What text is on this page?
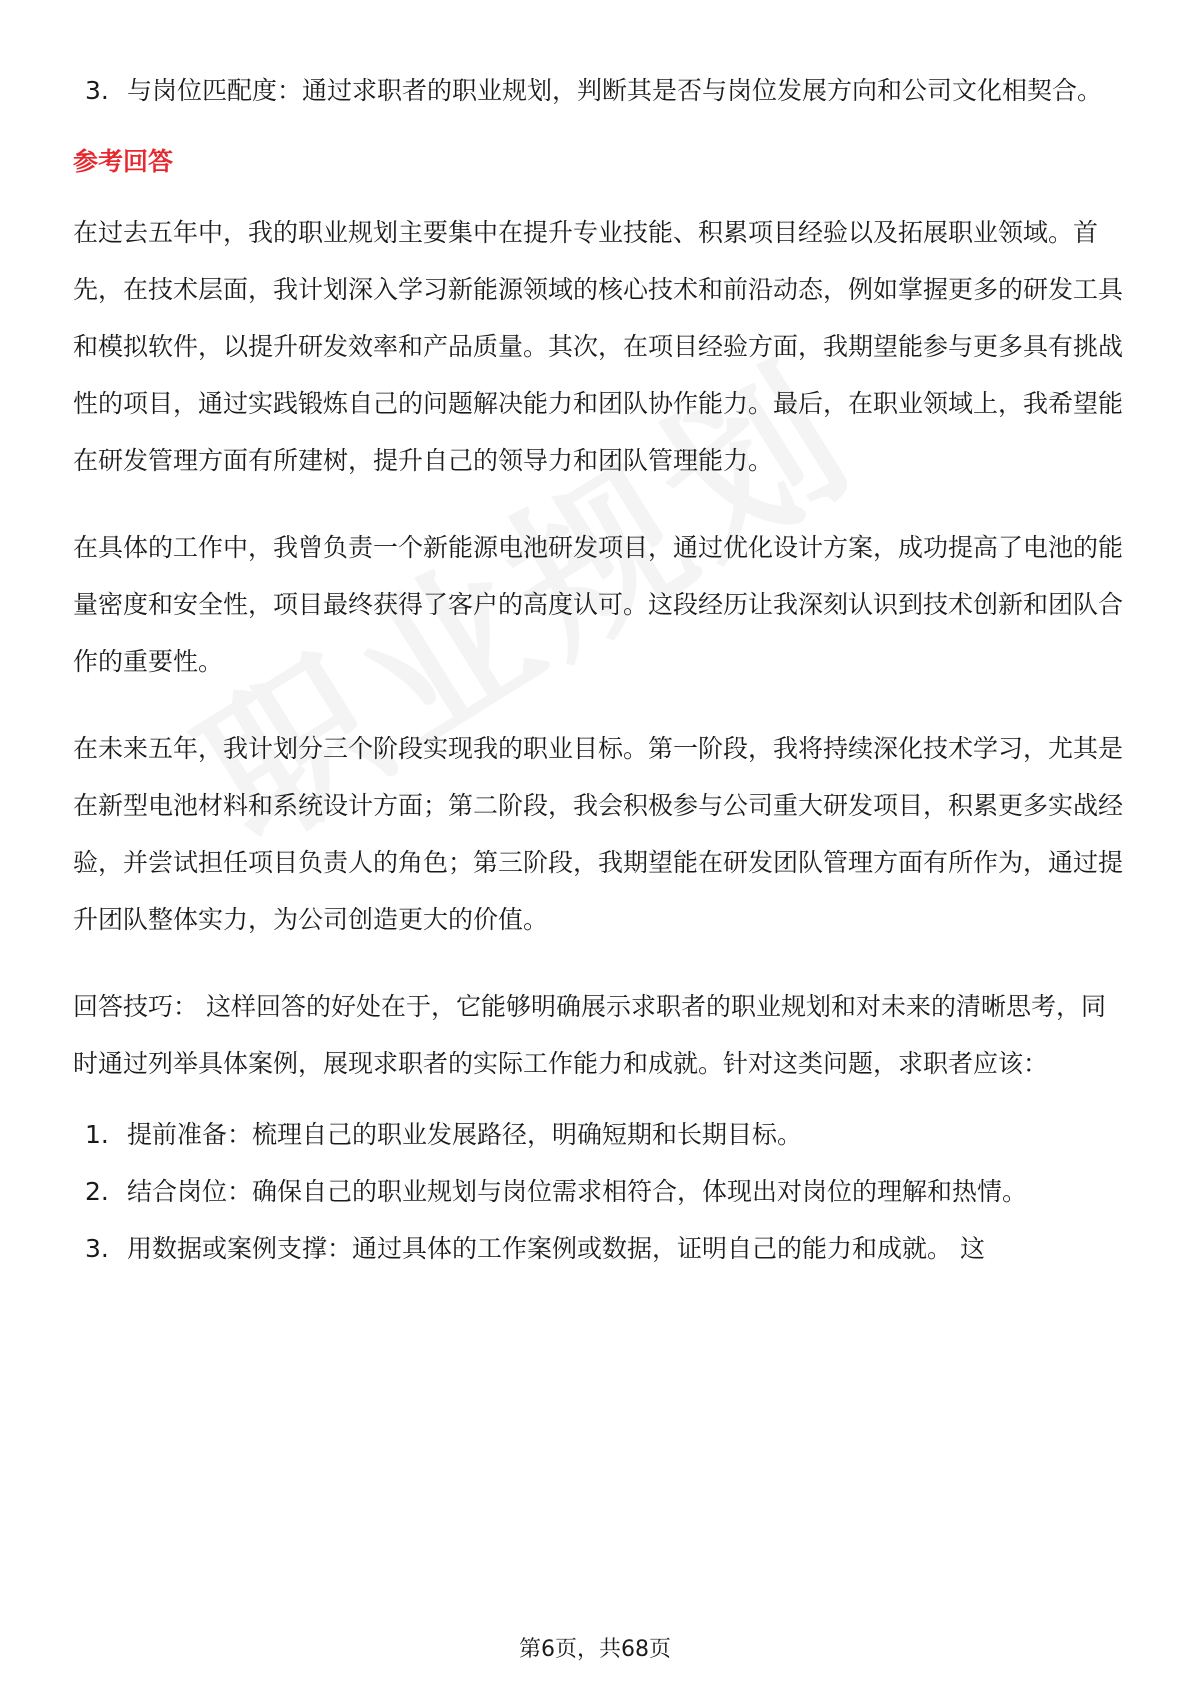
3. 与岗位匹配度：通过求职者的职业规划，判断其是否与岗位发展方向和公司文化相契合。
参考回答

在过去五年中，我的职业规划主要集中在提升专业技能、积累项目经验以及拓展职业领域。首先，在技术层面，我计划深入学习新能源领域的核心技术和前沿动态，例如掌握更多的研发工具和模拟软件，以提升研发效率和产品质量。其次，在项目经验方面，我期望能参与更多具有挑战性的项目，通过实践锻炼自己的问题解决能力和团队协作能力。最后，在职业领域上，我希望能在研发管理方面有所建树，提升自己的领导力和团队管理能力。

在具体的工作中，我曾负责一个新能源电池研发项目，通过优化设计方案，成功提高了电池的能量密度和安全性，项目最终获得了客户的高度认可。这段经历让我深刻认识到技术创新和团队合作的重要性。

在未来五年，我计划分三个阶段实现我的职业目标。第一阶段，我将持续深化技术学习，尤其是在新型电池材料和系统设计方面；第二阶段，我会积极参与公司重大研发项目，积累更多实战经验，并尝试担任项目负责人的角色；第三阶段，我期望能在研发团队管理方面有所作为，通过提升团队整体实力，为公司创造更大的价值。

回答技巧： 这样回答的好处在于，它能够明确展示求职者的职业规划和对未来的清晰思考，同时通过列举具体案例，展现求职者的实际工作能力和成就。针对这类问题，求职者应该：

1. 提前准备：梳理自己的职业发展路径，明确短期和长期目标。
2. 结合岗位：确保自己的职业规划与岗位需求相符合，体现出对岗位的理解和热情。
3. 用数据或案例支撑：通过具体的工作案例或数据，证明自己的能力和成就。 这
第6页，共68页
